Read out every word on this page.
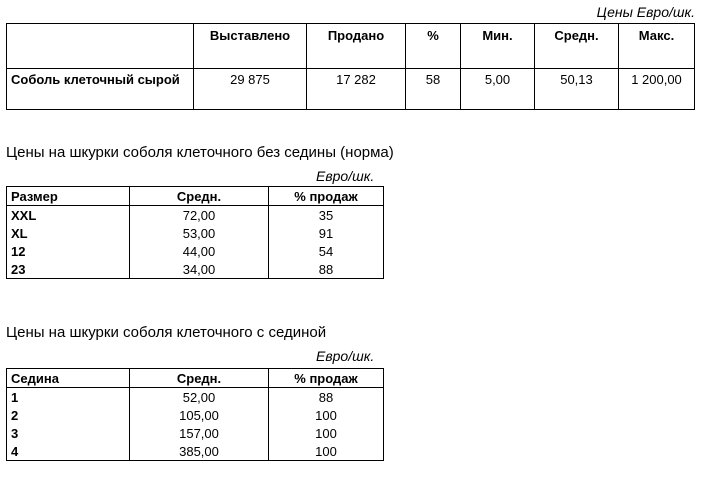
Цены Евро/шк.
	Выставлено	Продано	%	Мин.	Средн.	Макс.
Соболь клеточный сырой	29 875	17 282	58	5,00	50,13	1 200,00
Цены на шкурки соболя клеточного без седины (норма)
Евро/шк.
Размер	Средн.	% продаж
XXL	72,00	35
XL	53,00	91
12	44,00	54
23	34,00	88
Цены на шкурки соболя клеточного с сединой
Евро/шк.
Седина	Средн.	% продаж
1	52,00	88
2	105,00	100
3	157,00	100
4	385,00	100
